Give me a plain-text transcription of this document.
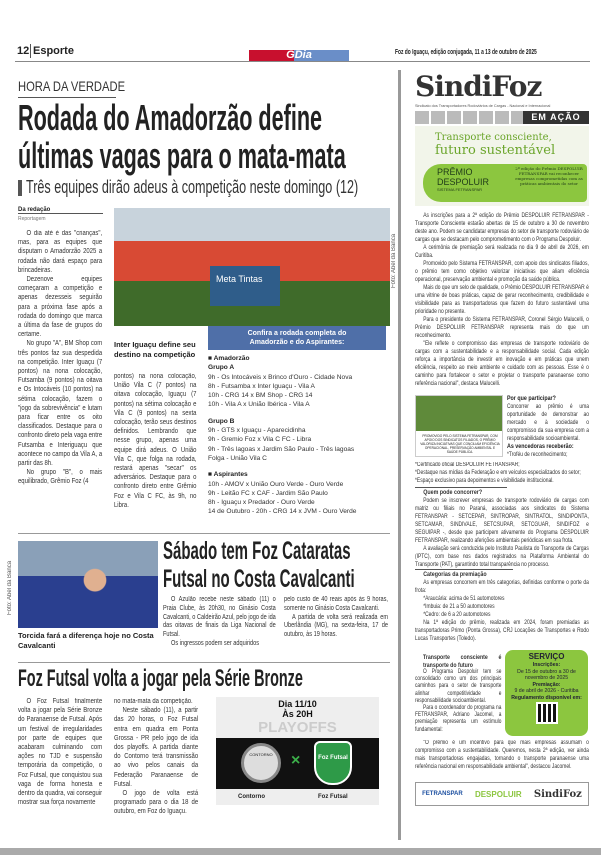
12 Esporte	GDia	Foz do Iguaçu, edição conjugada, 11 a 13 de outubro de 2025
HORA DA VERDADE
Rodada do Amadorzão define
últimas vagas para o mata-mata
Três equipes dirão adeus à competição neste domingo (12)
Da redação
Reportagem

O dia até é das "crianças", mas, para as equipes que disputam o Amadorzão 2025 a rodada não dará espaço para brincadeiras.

Dezenove equipes começaram a competição e apenas dezesseis seguirão para a próxima fase após a rodada do domingo que marca a última da fase de grupos do certame.

No grupo "A", BM Shop com três pontos faz sua despedida na competição. Inter Iguaçu (7 pontos) na nona colocação, Futsamba (9 pontos) na oitava e Os Intocáveis (10 pontos) na sétima colocação, fazem o "jogo da sobrevivência" e lutam para ficar entre os oito classificados. Destaque para o confronto direto pela vaga entre Futsamba e Interiguaçu que acontece no campo da Vila A, a partir das 8h.

No grupo "B", o mais equilibrado, Grêmio Foz (4

Meta Tintas	Foto: Abel da Banca
Inter Iguaçu define seu destino na competição

pontos) na nona colocação, União Vila C (7 pontos) na oitava colocação, Iguaçu (7 pontos) na sétima colocação e Vila C (9 pontos) na sexta colocação, terão seus destinos definidos. Lembrando que nesse grupo, apenas uma equipe dirá adeus. O União Vila C, que folga na rodada, restará apenas "secar" os adversários. Destaque para o confronto direto entre Grêmio Foz e Vila C FC, às 9h, no Libra.

Confira a rodada completa do Amadorzão e do Aspirantes:
■ Amadorzão
Grupo A
9h - Os Intocáveis x Brinco d'Ouro - Cidade Nova
8h - Futsamba x Inter Iguaçu - Vila A
10h - CRG 14 x BM Shop - CRG 14
10h - Vila A x União Ibérica - Vila A
Grupo B
9h - GTS x Iguaçu - Aparecidinha
9h - Gremio Foz x Vila C FC - Libra
9h - Três lagoas x Jardim São Paulo - Três lagoas
Folga - União Vila C
■ Aspirantes
10h - AMOV x União Ouro Verde - Ouro Verde
9h - Leitão FC x CAF - Jardim São Paulo
8h - Iguaçu x Predador - Ouro Verde
14 de Outubro - 20h - CRG 14 x JVM - Ouro Verde
Foto: Abel da Banca
Torcida fará a diferença hoje no Costa Cavalcanti
Sábado tem Foz Cataratas
Futsal no Costa Cavalcanti

O Azulão recebe neste sábado (11) o Praia Clube, às 20h30, no Ginásio Costa Cavalcanti, o Caldeirão Azul, pelo jogo de ida das oitavas de finais da Liga Nacional de Futsal.

Os ingressos podem ser adquiridos

pelo custo de 40 reais após às 9 horas, somente no Ginásio Costa Cavalcanti.

A partida de volta será realizada em Uberlândia (MG), na sexta-feira, 17 de outubro, às 19 horas.

Foz Futsal volta a jogar pela Série Bronze

O Foz Futsal finalmente volta a jogar pela Série Bronze do Paranaense de Futsal. Após um festival de irregularidades por parte de equipes que acabaram culminando com ações no TJD e suspensão temporária da competição, o Foz Futsal, que conquistou sua vaga de forma honesta e dentro da quadra, vai conseguir mostrar sua força novamente

no mata-mata da competição.

Neste sábado (11), a partir das 20 horas, o Foz Futsal entra em quadra em Ponta Grossa - PR pelo jogo de ida dos playoffs. A partida diante do Contorno terá transmissão ao vivo pelos canais da Federação Paranaense de Futsal.

O jogo de volta está programado para o dia 18 de outubro, em Foz do Iguaçu.

Dia 11/10
Às 20H
PLAYOFFS
CONTORNO	×	Foz Futsal
Contorno	Foz Futsal
SindiFoz
Sindicato dos Transportadores Rodoviários de Cargas - Nacional e Internacional
EM AÇÃO
Transporte consciente,
futuro sustentável
PRÊMIO
DESPOLUIR
SISTEMA FETRANSPAR
2ª edição do Prêmio DESPOLUIR FETRANSPAR vai reconhecer empresas comprometidas com as práticas ambientais do setor

As inscrições para a 2ª edição do Prêmio DESPOLUIR FETRANSPAR - Transporte Consciente estarão abertas de 15 de outubro a 30 de novembro deste ano. Podem se candidatar empresas do setor de transporte rodoviário de cargas que se destacam pelo comprometimento com o Programa Despoluir.

A cerimônia de premiação será realizada no dia 9 de abril de 2026, em Curitiba.

Promovido pelo Sistema FETRANSPAR, com apoio dos sindicatos filiados, o prêmio tem como objetivo valorizar iniciativas que aliam eficiência operacional, preservação ambiental e promoção da saúde pública.

Mais do que um selo de qualidade, o Prêmio DESPOLUIR FETRANSPAR é uma vitrine de boas práticas, capaz de gerar reconhecimento, credibilidade e visibilidade para as transportadoras que fazem do futuro sustentável uma prioridade no presente.

Para o presidente do Sistema FETRANSPAR, Coronel Sérgio Malucelli, o Prêmio DESPOLUIR FETRANSPAR representa mais do que um reconhecimento.

"Ele reflete o compromisso das empresas de transporte rodoviário de cargas com a sustentabilidade e a responsabilidade social. Cada edição reforça a importância de investir em inovação e em práticas que unem eficiência, respeito ao meio ambiente e cuidado com as pessoas. Esse é o caminho para fortalecer o setor e projetar o transporte paranaense como referência nacional", destaca Malucelli.

PROMOVIDO PELO SISTEMA FETRANSPAR, COM APOIO DOS SINDICATOS FILIADOS, O PRÊMIO VALORIZA INICIATIVAS QUE CONCILIAM EFICIÊNCIA OPERACIONAL, PRESERVAÇÃO AMBIENTAL E SAÚDE PÚBLICA.
Por que participar?
Concorrer ao prêmio é uma oportunidade de demonstrar ao mercado e à sociedade o compromisso da sua empresa com a responsabilidade socioambiental.
As vencedoras receberão:
*Troféu de reconhecimento;
*Certificado oficial DESPOLUIR FETRANSPAR;
*Destaque nas mídias da Federação e em veículos especializados do setor;
*Espaço exclusivo para depoimentos e visibilidade institucional.
Quem pode concorrer?

Podem se inscrever empresas de transporte rodoviário de cargas com matriz ou filiais no Paraná, associadas aos sindicatos do Sistema FETRANSPAR - SETCEPAR, SINTROPAR, SINTRATOL, SINDIPONTA, SETCAMAR, SINDIVALE, SETCSUPAR, SETCGUAR, SINDIFOZ e SEGUIPAR -, desde que participem ativamente do Programa DESPOLUIR FETRANSPAR, realizando aferições ambientais periódicas em sua frota.

A avaliação será conduzida pelo Instituto Paulista do Transporte de Cargas (IPTC), com base nos dados registrados na Plataforma Ambiental do Transporte (PAT), garantindo total transparência no processo.

Categorias da premiação

As empresas concorrem em três categorias, definidas conforme o porte da frota:

*Araucária: acima de 51 automotores

*Imbuia: de 21 a 50 automotores

*Cedro: de 6 a 20 automotores

Na 1ª edição do prêmio, realizada em 2024, foram premiadas as transportadoras Primo (Ponta Grossa), CRJ Locações de Transportes e Rodo Lucas Transportes (Toledo).

Transporte consciente é transporte do futuro

O Programa Despoluir tem se consolidado como um dos principais caminhos para o setor de transporte alinhar competitividade e responsabilidade socioambiental.

Para o coordenador do programa na FETRANSPAR, Adriano Jacomel, a premiação representa um estímulo fundamental:

SERVIÇO
Inscrições:
De 15 de outubro a 30 de novembro de 2025
Premiação:
9 de abril de 2026 - Curitiba
Regulamento disponível em:

"O prêmio é um incentivo para que mais empresas assumam o compromisso com a sustentabilidade. Queremos, nesta 2ª edição, ver ainda mais transportadoras engajadas, tornando o transporte paranaense uma referência nacional em responsabilidade ambiental", destacou Jacomel.

FETRANSPAR DESPOLUIR SindiFoz
